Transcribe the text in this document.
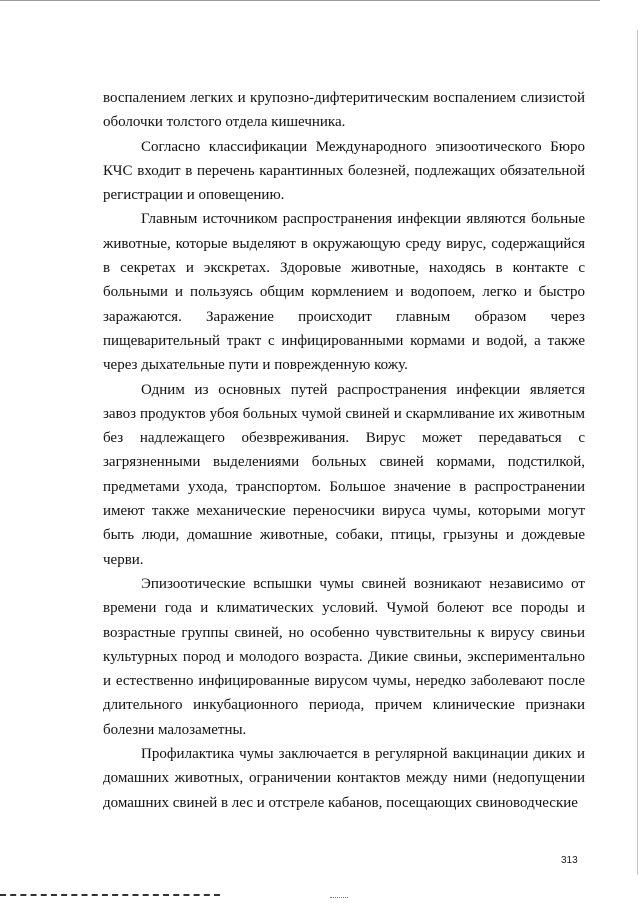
воспалением легких и крупозно-дифтеритическим воспалением слизистой оболочки толстого отдела кишечника.

Согласно классификации Международного эпизоотического Бюро КЧС входит в перечень карантинных болезней, подлежащих обязательной регистрации и оповещению.

Главным источником распространения инфекции являются больные животные, которые выделяют в окружающую среду вирус, содержащийся в секретах и экскретах. Здоровые животные, находясь в контакте с больными и пользуясь общим кормлением и водопоем, легко и быстро заражаются. Заражение происходит главным образом через пищеварительный тракт с инфицированными кормами и водой, а также через дыхательные пути и поврежденную кожу.

Одним из основных путей распространения инфекции является завоз продуктов убоя больных чумой свиней и скармливание их животным без надлежащего обезвреживания. Вирус может передаваться с загрязненными выделениями больных свиней кормами, подстилкой, предметами ухода, транспортом. Большое значение в распространении имеют также механические переносчики вируса чумы, которыми могут быть люди, домашние животные, собаки, птицы, грызуны и дождевые черви.

Эпизоотические вспышки чумы свиней возникают независимо от времени года и климатических условий. Чумой болеют все породы и возрастные группы свиней, но особенно чувствительны к вирусу свиньи культурных пород и молодого возраста. Дикие свиньи, экспериментально и естественно инфицированные вирусом чумы, нередко заболевают после длительного инкубационного периода, причем клинические признаки болезни малозаметны.

Профилактика чумы заключается в регулярной вакцинации диких и домашних животных, ограничении контактов между ними (недопущении домашних свиней в лес и отстреле кабанов, посещающих свиноводческие

313
